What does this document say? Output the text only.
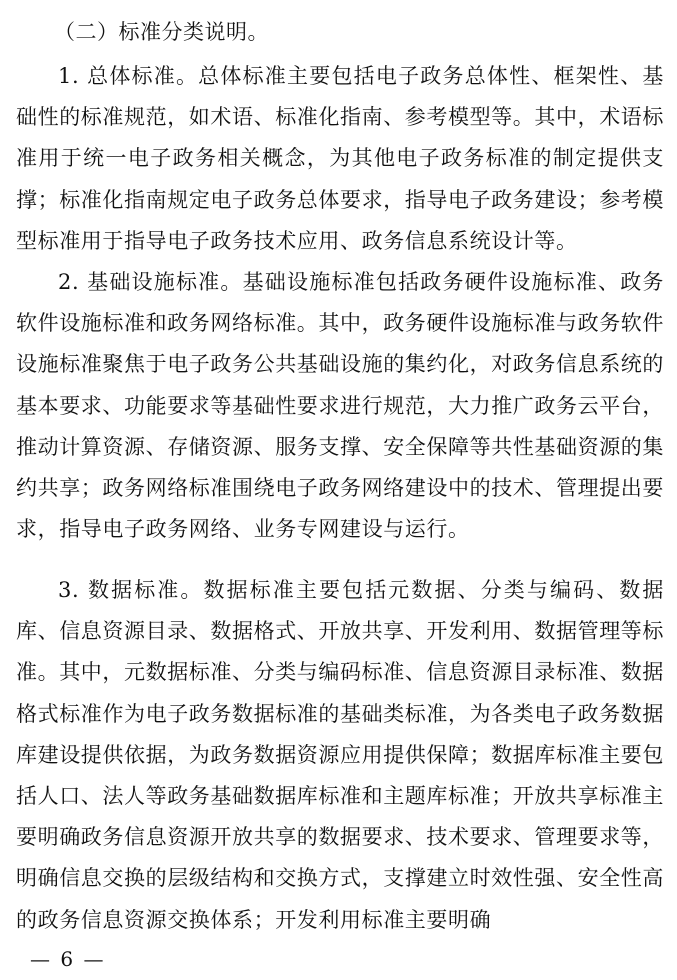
（二）标准分类说明。
1. 总体标准。总体标准主要包括电子政务总体性、框架性、基础性的标准规范，如术语、标准化指南、参考模型等。其中，术语标准用于统一电子政务相关概念，为其他电子政务标准的制定提供支撑；标准化指南规定电子政务总体要求，指导电子政务建设；参考模型标准用于指导电子政务技术应用、政务信息系统设计等。
2. 基础设施标准。基础设施标准包括政务硬件设施标准、政务软件设施标准和政务网络标准。其中，政务硬件设施标准与政务软件设施标准聚焦于电子政务公共基础设施的集约化，对政务信息系统的基本要求、功能要求等基础性要求进行规范，大力推广政务云平台，推动计算资源、存储资源、服务支撑、安全保障等共性基础资源的集约共享；政务网络标准围绕电子政务网络建设中的技术、管理提出要求，指导电子政务网络、业务专网建设与运行。
3. 数据标准。数据标准主要包括元数据、分类与编码、数据库、信息资源目录、数据格式、开放共享、开发利用、数据管理等标准。其中，元数据标准、分类与编码标准、信息资源目录标准、数据格式标准作为电子政务数据标准的基础类标准，为各类电子政务数据库建设提供依据，为政务数据资源应用提供保障；数据库标准主要包括人口、法人等政务基础数据库标准和主题库标准；开放共享标准主要明确政务信息资源开放共享的数据要求、技术要求、管理要求等，明确信息交换的层级结构和交换方式，支撑建立时效性强、安全性高的政务信息资源交换体系；开发利用标准主要明确
— 6 —
